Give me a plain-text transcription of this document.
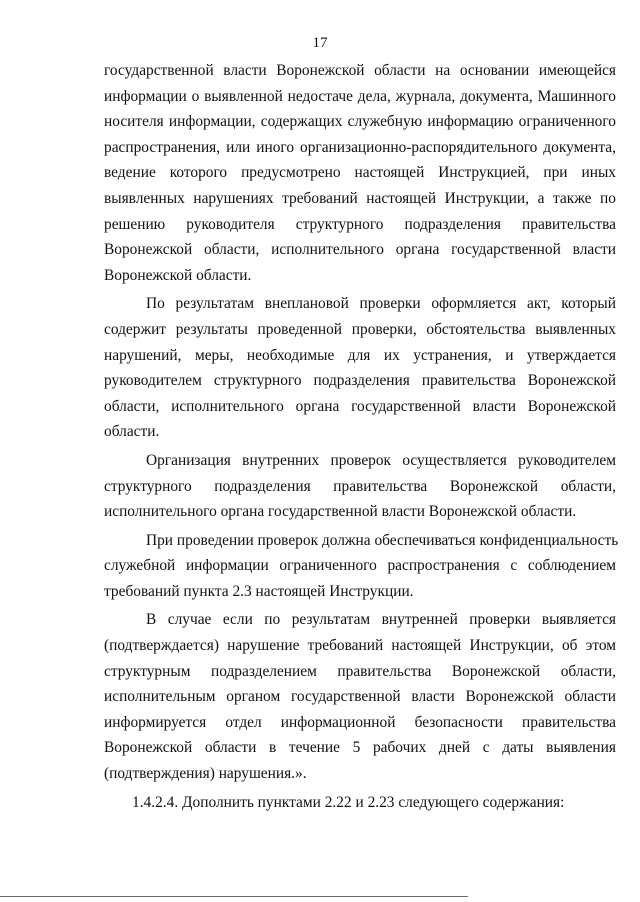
17

государственной власти Воронежской области на основании имеющейся
информации о выявленной недостаче дела, журнала, документа, Машинного
носителя информации, содержащих служебную информацию ограниченного
распространения, или иного организационно-распорядительного документа,
ведение которого предусмотрено настоящей Инструкцией, при иных
выявленных нарушениях требований настоящей Инструкции, а также по
решению руководителя структурного подразделения правительства
Воронежской области, исполнительного органа государственной власти
Воронежской области.

По результатам внеплановой проверки оформляется акт, который
содержит результаты проведенной проверки, обстоятельства выявленных
нарушений, меры, необходимые для их устранения, и утверждается
руководителем структурного подразделения правительства Воронежской
области, исполнительного органа государственной власти Воронежской
области.

Организация внутренних проверок осуществляется руководителем
структурного подразделения правительства Воронежской области,
исполнительного органа государственной власти Воронежской области.

При проведении проверок должна обеспечиваться конфиденциальность
служебной информации ограниченного распространения с соблюдением
требований пункта 2.3 настоящей Инструкции.

В случае если по результатам внутренней проверки выявляется
(подтверждается) нарушение требований настоящей Инструкции, об этом
структурным подразделением правительства Воронежской области,
исполнительным органом государственной власти Воронежской области
информируется отдел информационной безопасности правительства
Воронежской области в течение 5 рабочих дней с даты выявления
(подтверждения) нарушения.».

1.4.2.4. Дополнить пунктами 2.22 и 2.23 следующего содержания:
